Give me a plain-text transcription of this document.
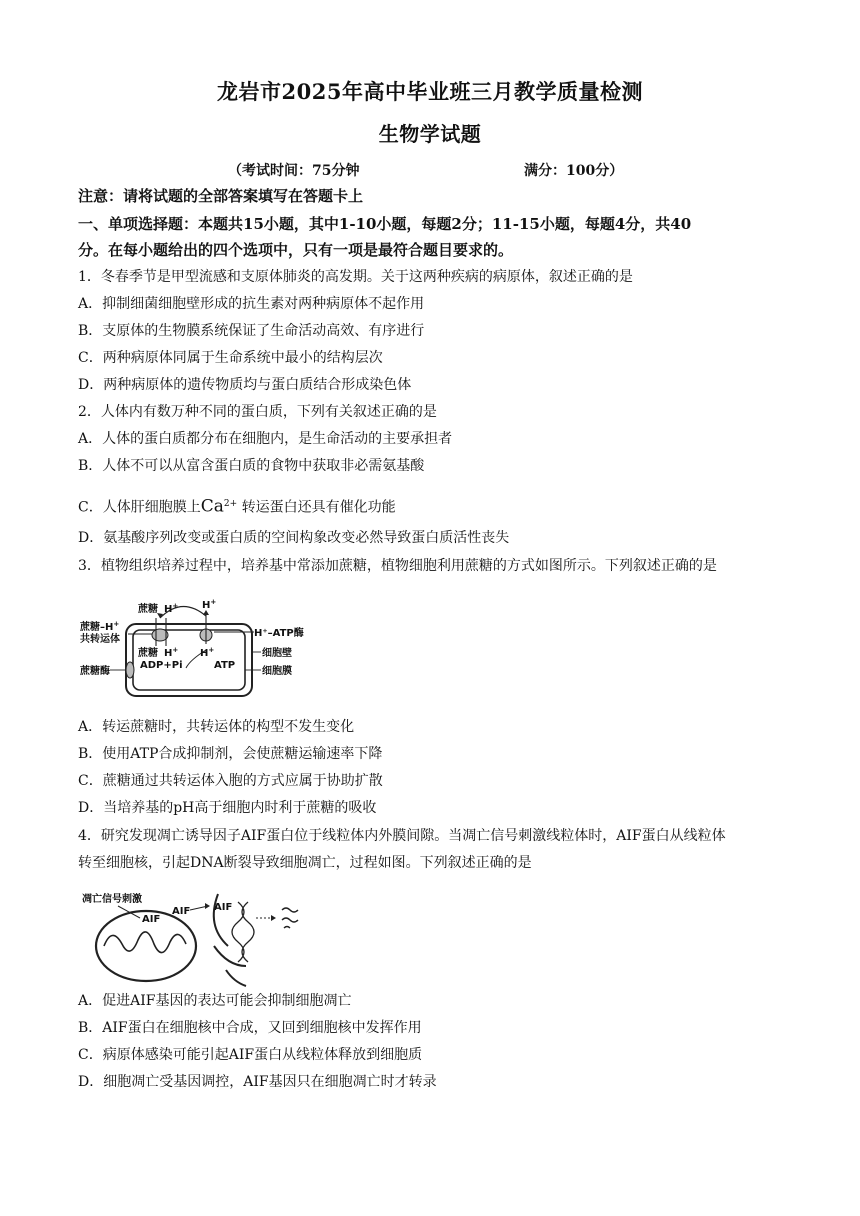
龙岩市2025年高中毕业班三月教学质量检测
生物学试题
（考试时间：75分钟	满分：100分）
注意：请将试题的全部答案填写在答题卡上
一、单项选择题：本题共15小题，其中1-10小题，每题2分；11-15小题，每题4分，共40
分。在每小题给出的四个选项中，只有一项是最符合题目要求的。
1．冬春季节是甲型流感和支原体肺炎的高发期。关于这两种疾病的病原体，叙述正确的是
A．抑制细菌细胞壁形成的抗生素对两种病原体不起作用
B．支原体的生物膜系统保证了生命活动高效、有序进行
C．两种病原体同属于生命系统中最小的结构层次
D．两种病原体的遗传物质均与蛋白质结合形成染色体
2．人体内有数万种不同的蛋白质，下列有关叙述正确的是
A．人体的蛋白质都分布在细胞内，是生命活动的主要承担者
B．人体不可以从富含蛋白质的食物中获取非必需氨基酸
C．人体肝细胞膜上$Ca^{2+}$ 转运蛋白还具有催化功能
D．氨基酸序列改变或蛋白质的空间构象改变必然导致蛋白质活性丧失
3．植物组织培养过程中，培养基中常添加蔗糖，植物细胞利用蔗糖的方式如图所示。下列叙述正确的是
蔗糖 H+ H+
蔗糖–H+
共转运体
蔗糖 H+ H+
ADP+Pi	ATP
H⁺–ATP酶
细胞壁
细胞膜
蔗糖酶
A．转运蔗糖时，共转运体的构型不发生变化
B．使用ATP合成抑制剂，会使蔗糖运输速率下降
C．蔗糖通过共转运体入胞的方式应属于协助扩散
D．当培养基的pH高于细胞内时利于蔗糖的吸收
4．研究发现凋亡诱导因子AIF蛋白位于线粒体内外膜间隙。当凋亡信号刺激线粒体时，AIF蛋白从线粒体
转至细胞核，引起DNA断裂导致细胞凋亡，过程如图。下列叙述正确的是
凋亡信号刺激
AIF
AIF
AIF
A．促进AIF基因的表达可能会抑制细胞凋亡
B．AIF蛋白在细胞核中合成，又回到细胞核中发挥作用
C．病原体感染可能引起AIF蛋白从线粒体释放到细胞质
D．细胞凋亡受基因调控，AIF基因只在细胞凋亡时才转录
